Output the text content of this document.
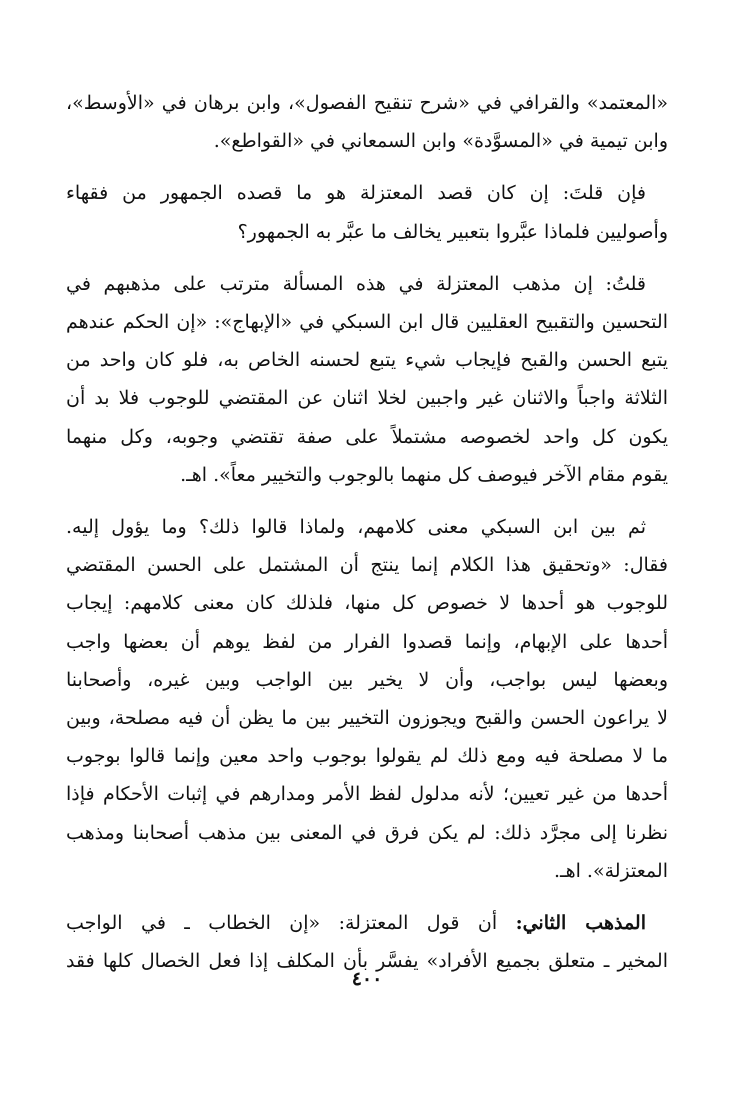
«المعتمد» والقرافي في «شرح تنقيح الفصول»، وابن برهان في «الأوسط»،
وابن تيمية في «المسوَّدة» وابن السمعاني في «القواطع».

فإن قلتَ: إن كان قصد المعتزلة هو ما قصده الجمهور من فقهاء
وأصوليين فلماذا عبَّروا بتعبير يخالف ما عبَّر به الجمهور؟

قلتُ: إن مذهب المعتزلة في هذه المسألة مترتب على مذهبهم في
التحسين والتقبيح العقليين قال ابن السبكي في «الإبهاج»: «إن الحكم عندهم
يتبع الحسن والقبح فإيجاب شيء يتبع لحسنه الخاص به، فلو كان واحد من
الثلاثة واجباً والاثنان غير واجبين لخلا اثنان عن المقتضي للوجوب فلا بد أن
يكون كل واحد لخصوصه مشتملاً على صفة تقتضي وجوبه، وكل منهما
يقوم مقام الآخر فيوصف كل منهما بالوجوب والتخيير معاً». اهـ.

ثم بين ابن السبكي معنى كلامهم، ولماذا قالوا ذلك؟ وما يؤول إليه.
فقال: «وتحقيق هذا الكلام إنما ينتج أن المشتمل على الحسن المقتضي
للوجوب هو أحدها لا خصوص كل منها، فلذلك كان معنى كلامهم: إيجاب
أحدها على الإبهام، وإنما قصدوا الفرار من لفظ يوهم أن بعضها واجب
وبعضها ليس بواجب، وأن لا يخير بين الواجب وبين غيره، وأصحابنا
لا يراعون الحسن والقبح ويجوزون التخيير بين ما يظن أن فيه مصلحة، وبين
ما لا مصلحة فيه ومع ذلك لم يقولوا بوجوب واحد معين وإنما قالوا بوجوب
أحدها من غير تعيين؛ لأنه مدلول لفظ الأمر ومدارهم في إثبات الأحكام فإذا
نظرنا إلى مجرَّد ذلك: لم يكن فرق في المعنى بين مذهب أصحابنا ومذهب
المعتزلة». اهـ.

المذهب الثاني: أن قول المعتزلة: «إن الخطاب ـ في الواجب
المخير ـ متعلق بجميع الأفراد» يفسَّر بأن المكلف إذا فعل الخصال كلها فقد

٤٠٠
